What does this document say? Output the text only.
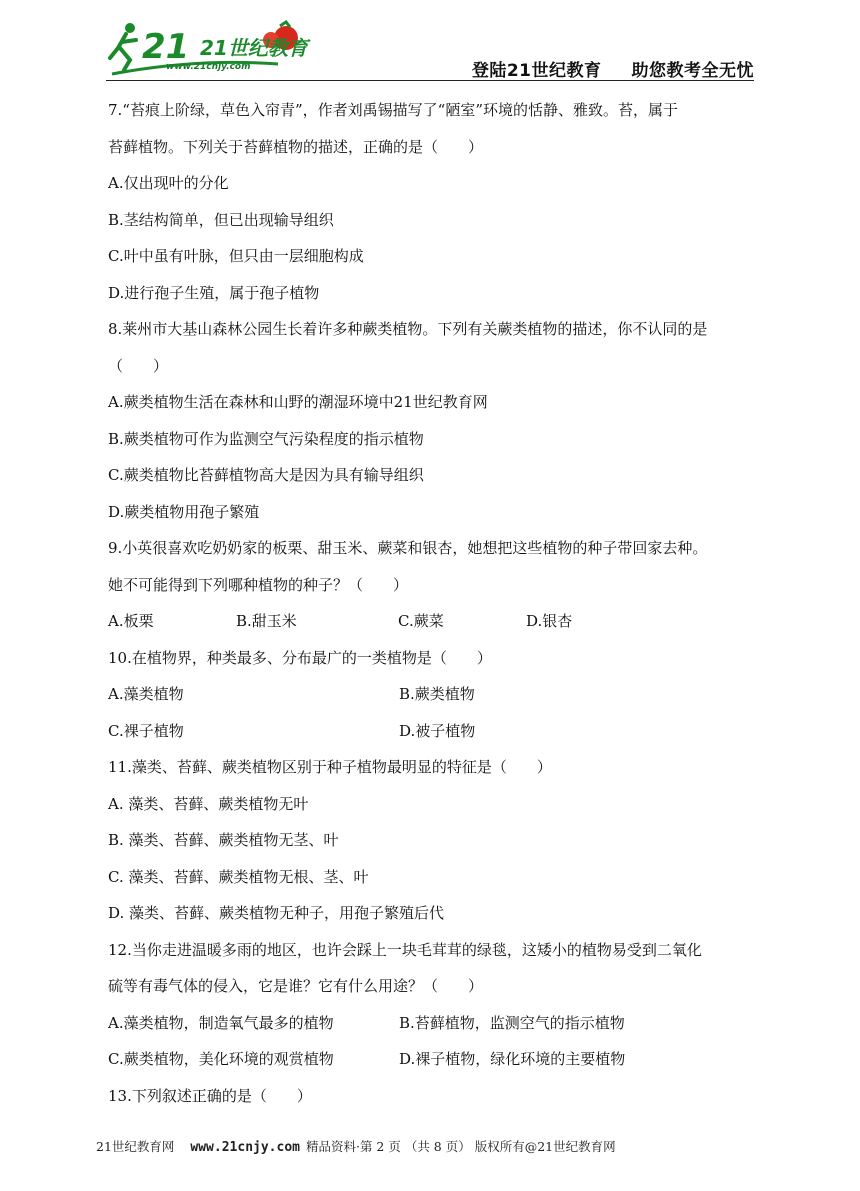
21 21世纪教育
www.21cnjy.com	登陆21世纪教育 助您教考全无忧
7.“苔痕上阶绿，草色入帘青”，作者刘禹锡描写了“陋室”环境的恬静、雅致。苔，属于
苔藓植物。下列关于苔藓植物的描述，正确的是（　　）
A.仅出现叶的分化
B.茎结构简单，但已出现输导组织
C.叶中虽有叶脉，但只由一层细胞构成
D.进行孢子生殖，属于孢子植物
8.莱州市大基山森林公园生长着许多种蕨类植物。下列有关蕨类植物的描述，你不认同的是
（　　）
A.蕨类植物生活在森林和山野的潮湿环境中21世纪教育网
B.蕨类植物可作为监测空气污染程度的指示植物
C.蕨类植物比苔藓植物高大是因为具有输导组织
D.蕨类植物用孢子繁殖
9.小英很喜欢吃奶奶家的板栗、甜玉米、蕨菜和银杏，她想把这些植物的种子带回家去种。
她不可能得到下列哪种植物的种子？（　　）
A.板栗	B.甜玉米	C.蕨菜	D.银杏
10.在植物界，种类最多、分布最广的一类植物是（　　）
A.藻类植物	B.蕨类植物
C.裸子植物	D.被子植物
11.藻类、苔藓、蕨类植物区别于种子植物最明显的特征是（　　）
A. 藻类、苔藓、蕨类植物无叶
B. 藻类、苔藓、蕨类植物无茎、叶
C. 藻类、苔藓、蕨类植物无根、茎、叶
D. 藻类、苔藓、蕨类植物无种子，用孢子繁殖后代
12.当你走进温暖多雨的地区，也许会踩上一块毛茸茸的绿毯，这矮小的植物易受到二氧化
硫等有毒气体的侵入，它是谁？它有什么用途？（　　）
A.藻类植物，制造氧气最多的植物	B.苔藓植物，监测空气的指示植物
C.蕨类植物，美化环境的观赏植物	D.裸子植物，绿化环境的主要植物
13.下列叙述正确的是（　　）
21世纪教育网 www.21cnjy.com 精品资料·第 2 页 （共 8 页） 版权所有@21世纪教育网
